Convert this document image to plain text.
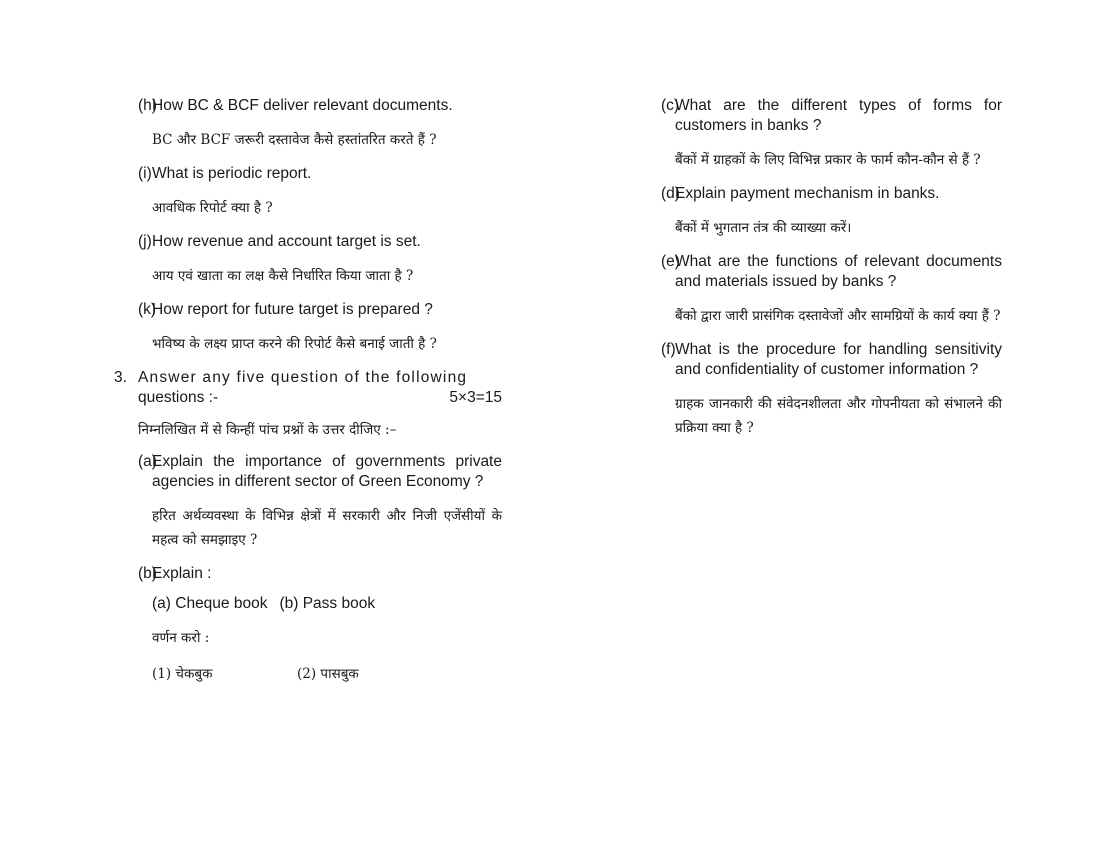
(h)

How BC & BCF deliver relevant documents.

BC और BCF जरूरी दस्तावेज कैसे हस्तांतरित करते हैं ?

(i) What is periodic report.

आवधिक रिपोर्ट क्या है ?

(j) How revenue and account target is set.

आय एवं खाता का लक्ष कैसे निर्धारित किया जाता है ?

(k)

How report for future target is prepared ?

भविष्य के लक्ष्य प्राप्त करने की रिपोर्ट कैसे बनाई जाती है ?

3. Answer any five question of the following
questions :-	5×3=15
निम्नलिखित में से किन्हीं पांच प्रश्नों के उत्तर दीजिए :–
(a)

Explain the importance of governments private agencies in different sector of Green Economy ?

हरित अर्थव्यवस्था के विभिन्न क्षेत्रों में सरकारी और निजी एजेंसीयों के महत्व को समझाइए ?

(b)

Explain :

(a) Cheque book (b) Pass book

वर्णन करो :

(1) चेकबुक	(2) पासबुक
(c)

What are the different types of forms for customers in banks ?

बैंकों में ग्राहकों के लिए विभिन्न प्रकार के फार्म कौन-कौन से हैं ?

(d)

Explain payment mechanism in banks.

बैंकों में भुगतान तंत्र की व्याख्या करें।

(e)

What are the functions of relevant documents and materials issued by banks ?

बैंको द्वारा जारी प्रासंगिक दस्तावेजों और सामग्रियों के कार्य क्या हैं ?

(f) What is the procedure for handling sensitivity and confidentiality of customer information ?

ग्राहक जानकारी की संवेदनशीलता और गोपनीयता को संभालने की प्रक्रिया क्या है ?
